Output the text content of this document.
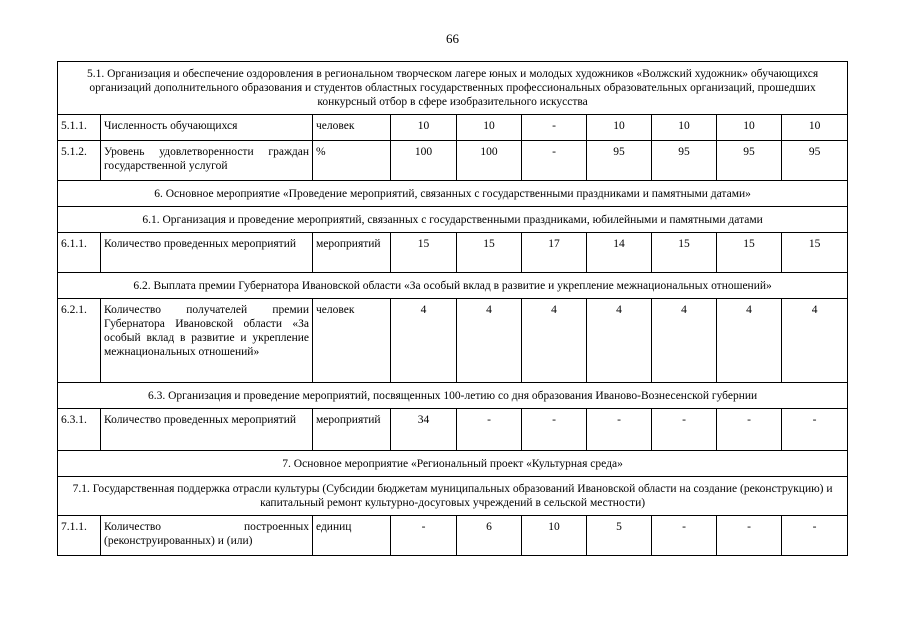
66
5.1. Организация и обеспечение оздоровления в региональном творческом лагере юных и молодых художников «Волжский художник» обучающихся организаций дополнительного образования и студентов областных государственных профессиональных образовательных организаций, прошедших конкурсный отбор в сфере изобразительного искусства									
5.1.1.	Численность обучающихся	человек	10	10	-	10	10	10	10
5.1.2.	Уровень удовлетворенности граждан государственной услугой	%	100	100	-	95	95	95	95
6. Основное мероприятие «Проведение мероприятий, связанных с государственными праздниками и памятными датами»									
6.1. Организация и проведение мероприятий, связанных с государственными праздниками, юбилейными и памятными датами									
6.1.1.	Количество проведенных мероприятий	мероприятий	15	15	17	14	15	15	15
6.2. Выплата премии Губернатора Ивановской области «За особый вклад в развитие и укрепление межнациональных отношений»									
6.2.1.	Количество получателей премии Губернатора Ивановской области «За особый вклад в развитие и укрепление межнациональных отношений»	человек	4	4	4	4	4	4	4
6.3. Организация и проведение мероприятий, посвященных 100-летию со дня образования Иваново-Вознесенской губернии									
6.3.1.	Количество проведенных мероприятий	мероприятий	34	-	-	-	-	-	-
7. Основное мероприятие «Региональный проект «Культурная среда»									
7.1. Государственная поддержка отрасли культуры (Субсидии бюджетам муниципальных образований Ивановской области на создание (реконструкцию) и капитальный ремонт культурно-досуговых учреждений в сельской местности)									
7.1.1.	Количество построенных (реконструированных) и (или)	единиц	-	6	10	5	-	-	-
